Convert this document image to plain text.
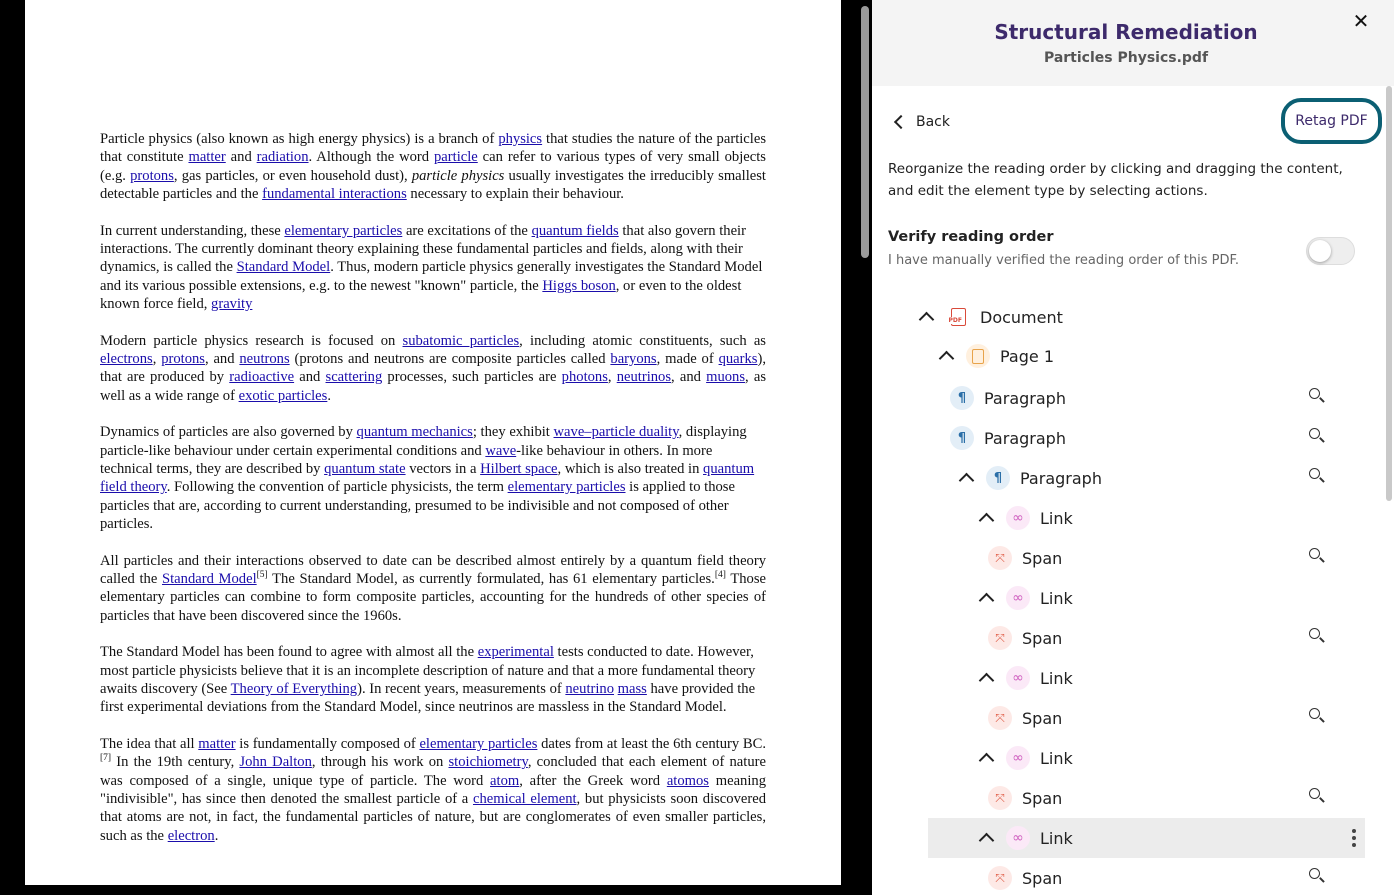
Particle physics (also known as high energy physics) is a branch of physics that studies the nature of the particles that constitute matter and radiation. Although the word particle can refer to various types of very small objects (e.g. protons, gas particles, or even household dust), particle physics usually investigates the irreducibly smallest detectable particles and the fundamental interactions necessary to explain their behaviour.
In current understanding, these elementary particles are excitations of the quantum fields that also govern their interactions. The currently dominant theory explaining these fundamental particles and fields, along with their dynamics, is called the Standard Model. Thus, modern particle physics generally investigates the Standard Model and its various possible extensions, e.g. to the newest "known" particle, the Higgs boson, or even to the oldest known force field, gravity
Modern particle physics research is focused on subatomic particles, including atomic constituents, such as electrons, protons, and neutrons (protons and neutrons are composite particles called baryons, made of quarks), that are produced by radioactive and scattering processes, such particles are photons, neutrinos, and muons, as well as a wide range of exotic particles.
Dynamics of particles are also governed by quantum mechanics; they exhibit wave–particle duality, displaying particle-like behaviour under certain experimental conditions and wave-like behaviour in others. In more technical terms, they are described by quantum state vectors in a Hilbert space, which is also treated in quantum field theory. Following the convention of particle physicists, the term elementary particles is applied to those particles that are, according to current understanding, presumed to be indivisible and not composed of other particles.
All particles and their interactions observed to date can be described almost entirely by a quantum field theory called the Standard Model[5] The Standard Model, as currently formulated, has 61 elementary particles.[4] Those elementary particles can combine to form composite particles, accounting for the hundreds of other species of particles that have been discovered since the 1960s.
The Standard Model has been found to agree with almost all the experimental tests conducted to date. However, most particle physicists believe that it is an incomplete description of nature and that a more fundamental theory awaits discovery (See Theory of Everything). In recent years, measurements of neutrino mass have provided the first experimental deviations from the Standard Model, since neutrinos are massless in the Standard Model.
The idea that all matter is fundamentally composed of elementary particles dates from at least the 6th century BC.[7] In the 19th century, John Dalton, through his work on stoichiometry, concluded that each element of nature was composed of a single, unique type of particle. The word atom, after the Greek word atomos meaning "indivisible", has since then denoted the smallest particle of a chemical element, but physicists soon discovered that atoms are not, in fact, the fundamental particles of nature, but are conglomerates of even smaller particles, such as the electron.
Structural Remediation
Particles Physics.pdf
✕
Back	Retag PDF
Reorganize the reading order by clicking and dragging the content, and edit the element type by selecting actions.
Verify reading order
I have manually verified the reading order of this PDF.
PDF Document
Page 1
¶	Paragraph
¶	Paragraph
¶	Paragraph
∞	Link
⤧	Span
∞	Link
⤧	Span
∞	Link
⤧	Span
∞	Link
⤧	Span
∞	Link
⤧	Span
